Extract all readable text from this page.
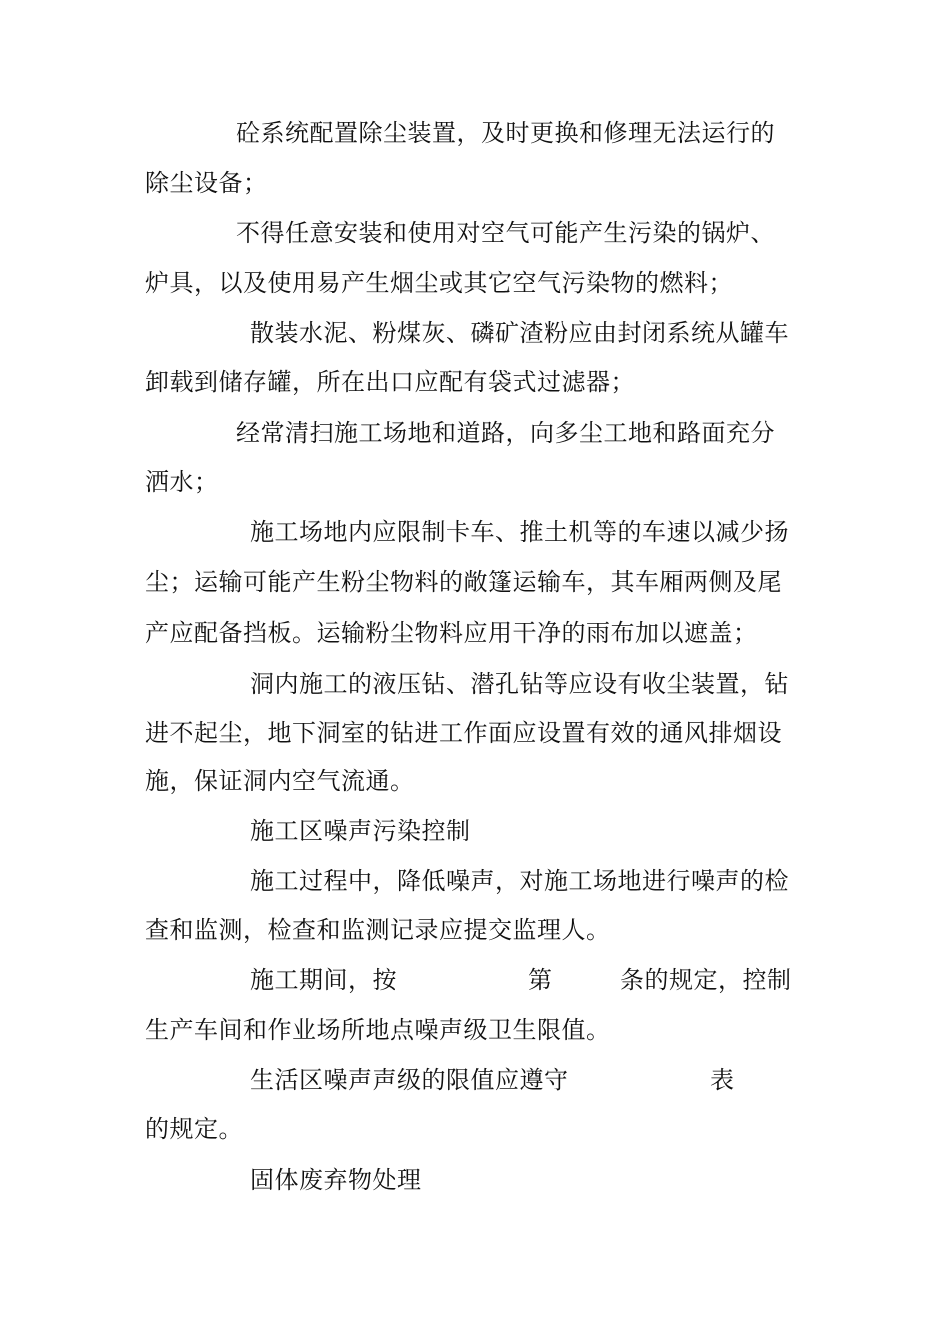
砼系统配置除尘装置，及时更换和修理无法运行的
除尘设备；
不得任意安装和使用对空气可能产生污染的锅炉、
炉具，以及使用易产生烟尘或其它空气污染物的燃料；
散装水泥、粉煤灰、磷矿渣粉应由封闭系统从罐车
卸载到储存罐，所在出口应配有袋式过滤器；
经常清扫施工场地和道路，向多尘工地和路面充分
洒水；
施工场地内应限制卡车、推土机等的车速以减少扬
尘；运输可能产生粉尘物料的敞篷运输车，其车厢两侧及尾
产应配备挡板。运输粉尘物料应用干净的雨布加以遮盖；
洞内施工的液压钻、潜孔钻等应设有收尘装置，钻
进不起尘，地下洞室的钻进工作面应设置有效的通风排烟设
施，保证洞内空气流通。
施工区噪声污染控制
施工过程中，降低噪声，对施工场地进行噪声的检
查和监测，检查和监测记录应提交监理人。
施工期间，按	第	条的规定，控制
生产车间和作业场所地点噪声级卫生限值。
生活区噪声声级的限值应遵守	表
的规定。
固体废弃物处理
